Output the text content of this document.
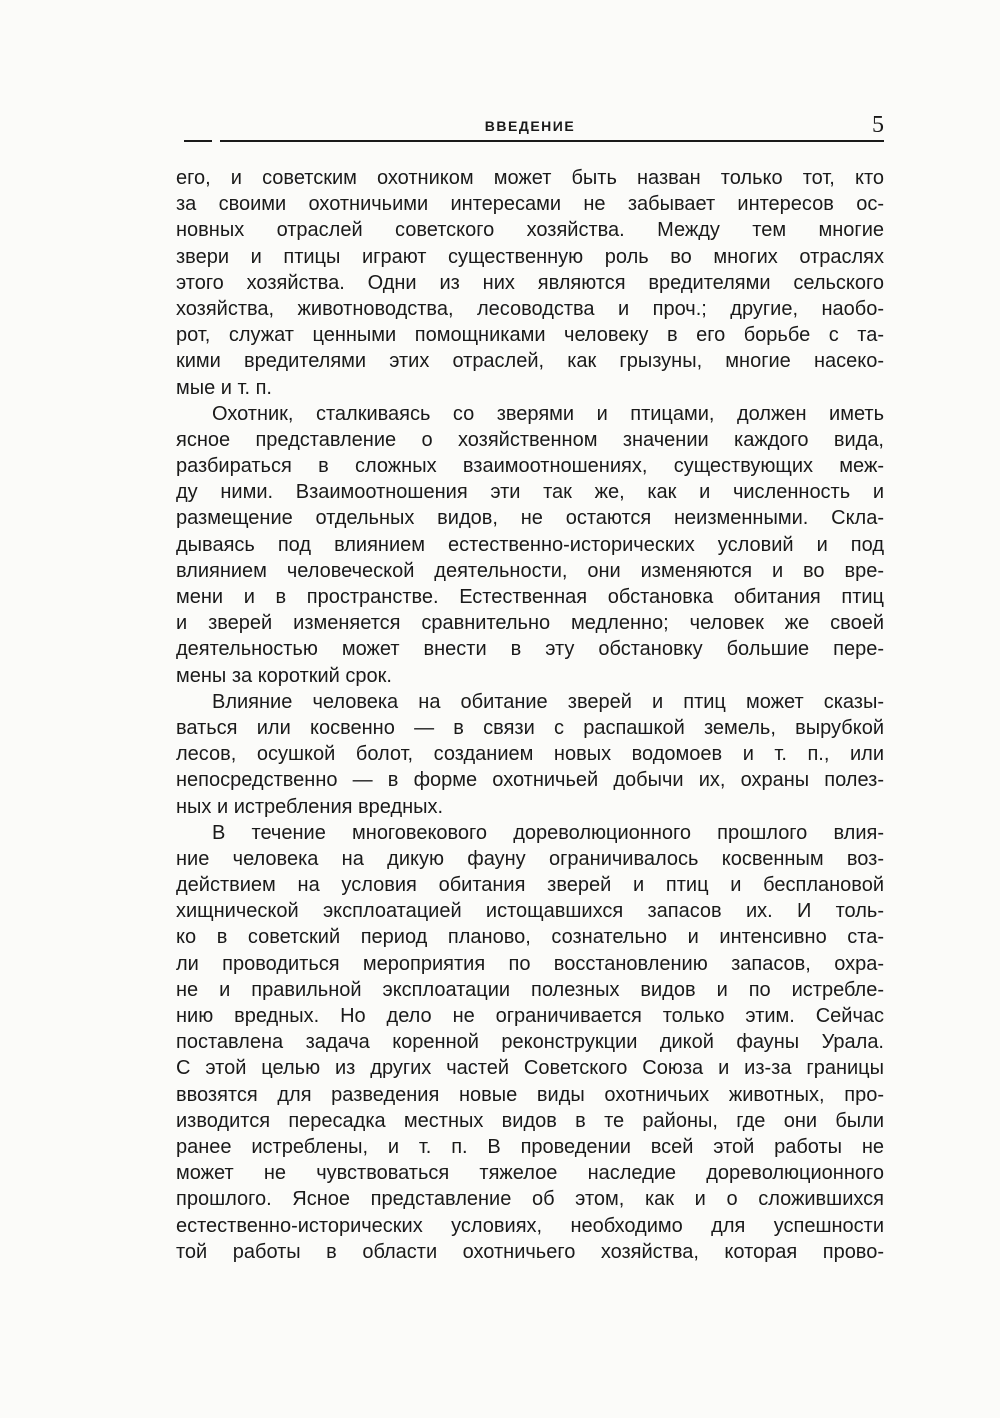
ВВЕДЕНИЕ	5
его, и советским охотником может быть назван только тот, кто
за своими охотничьими интересами не забывает интересов ос-
новных отраслей советского хозяйства. Между тем многие
звери и птицы играют существенную роль во многих отраслях
этого хозяйства. Одни из них являются вредителями сельского
хозяйства, животноводства, лесоводства и проч.; другие, наобо-
рот, служат ценными помощниками человеку в его борьбе с та-
кими вредителями этих отраслей, как грызуны, многие насеко-
мые и т. п.
Охотник, сталкиваясь со зверями и птицами, должен иметь
ясное представление о хозяйственном значении каждого вида,
разбираться в сложных взаимоотношениях, существующих меж-
ду ними. Взаимоотношения эти так же, как и численность и
размещение отдельных видов, не остаются неизменными. Скла-
дываясь под влиянием естественно-исторических условий и под
влиянием человеческой деятельности, они изменяются и во вре-
мени и в пространстве. Естественная обстановка обитания птиц
и зверей изменяется сравнительно медленно; человек же своей
деятельностью может внести в эту обстановку большие пере-
мены за короткий срок.
Влияние человека на обитание зверей и птиц может сказы-
ваться или косвенно — в связи с распашкой земель, вырубкой
лесов, осушкой болот, созданием новых водомоев и т. п., или
непосредственно — в форме охотничьей добычи их, охраны полез-
ных и истребления вредных.
В течение многовекового дореволюционного прошлого влия-
ние человека на дикую фауну ограничивалось косвенным воз-
действием на условия обитания зверей и птиц и бесплановой
хищнической эксплоатацией истощавшихся запасов их. И толь-
ко в советский период планово, сознательно и интенсивно ста-
ли проводиться мероприятия по восстановлению запасов, охра-
не и правильной эксплоатации полезных видов и по истребле-
нию вредных. Но дело не ограничивается только этим. Сейчас
поставлена задача коренной реконструкции дикой фауны Урала.
С этой целью из других частей Советского Союза и из-за границы
ввозятся для разведения новые виды охотничьих животных, про-
изводится пересадка местных видов в те районы, где они были
ранее истреблены, и т. п. В проведении всей этой работы не
может не чувствоваться тяжелое наследие дореволюционного
прошлого. Ясное представление об этом, как и о сложившихся
естественно-исторических условиях, необходимо для успешности
той работы в области охотничьего хозяйства, которая прово-
